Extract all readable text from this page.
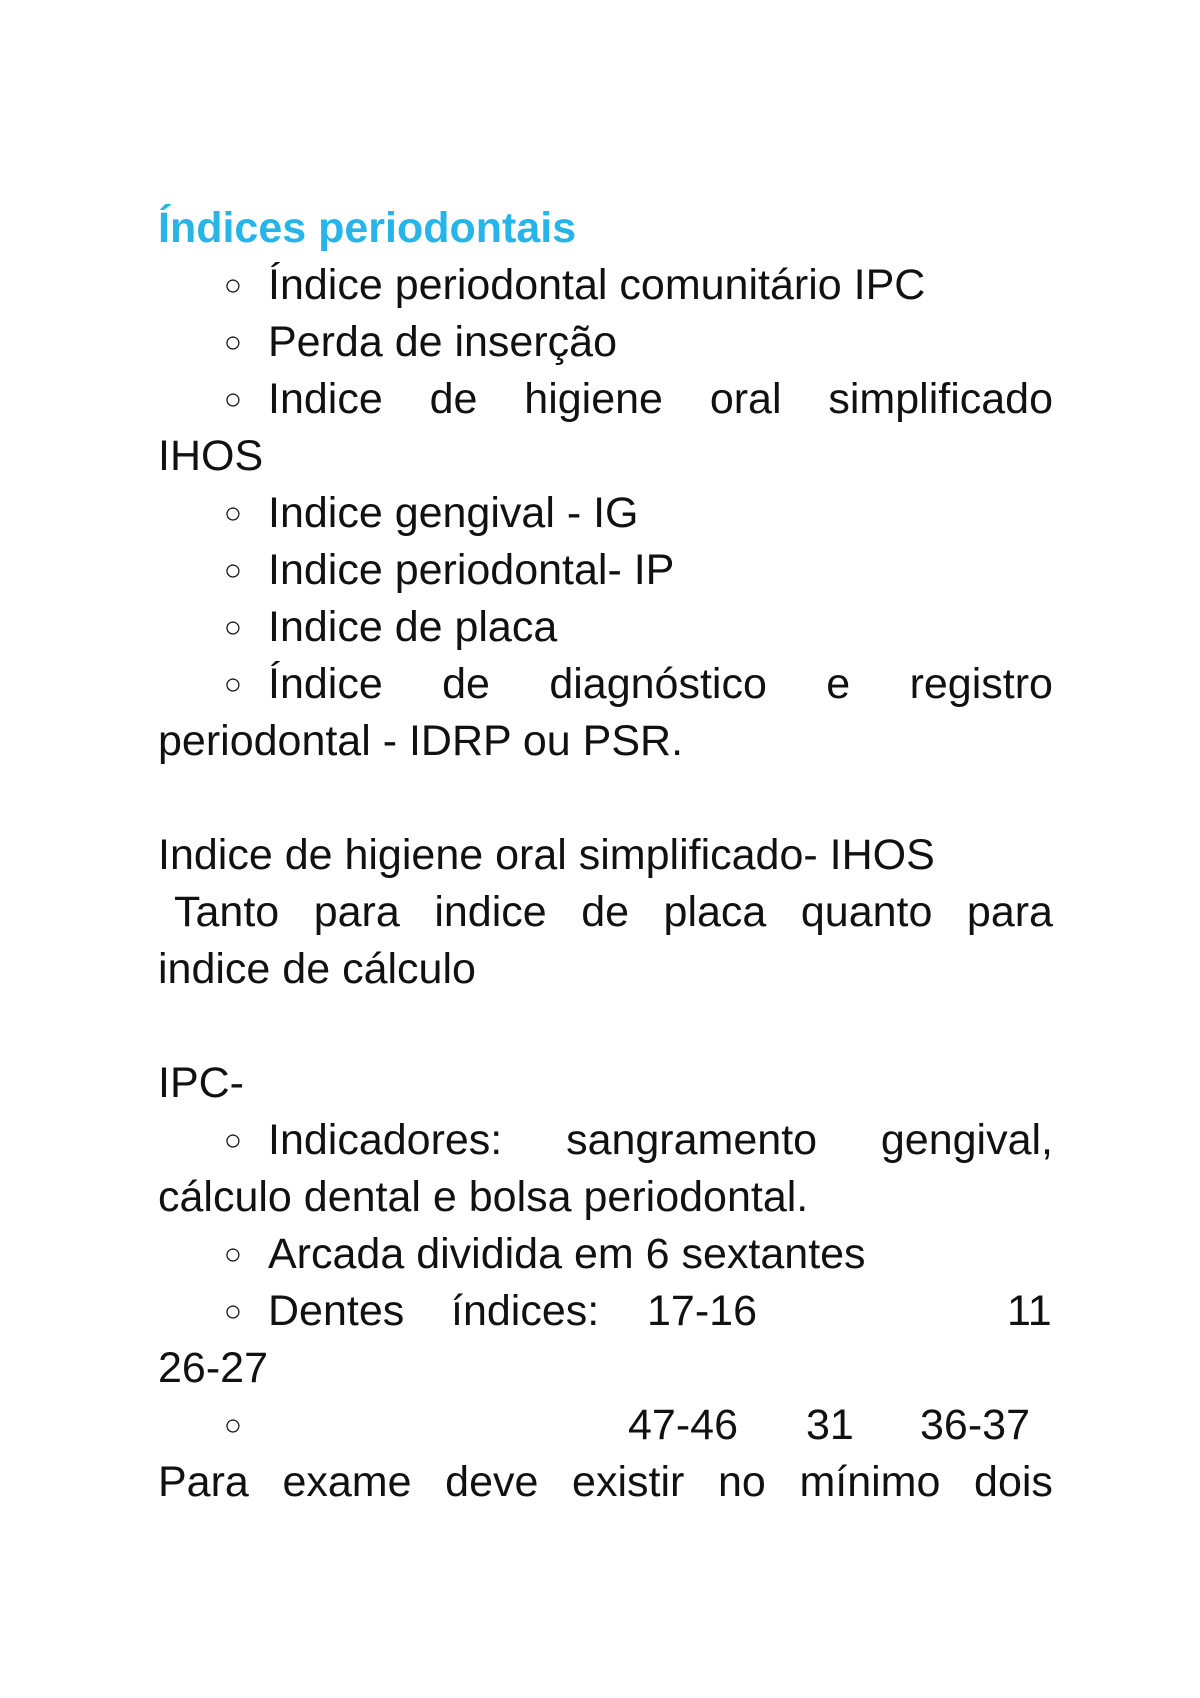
Índices periodontais
○ Índice periodontal comunitário IPC
○ Perda de inserção
○ Indice de higiene oral simplificado
IHOS
○ Indice gengival - IG
○ Indice periodontal- IP
○ Indice de placa
○ Índice de diagnóstico e registro
periodontal - IDRP ou PSR.
Indice de higiene oral simplificado- IHOS
Tanto para indice de placa quanto para
indice de cálculo
IPC-
○ Indicadores: sangramento gengival,
cálculo dental e bolsa periodontal.
○ Arcada dividida em 6 sextantes
○ Dentes	índices:	17-16	11
26-27
○	47-46	31	36-37
Para exame deve existir no mínimo dois
